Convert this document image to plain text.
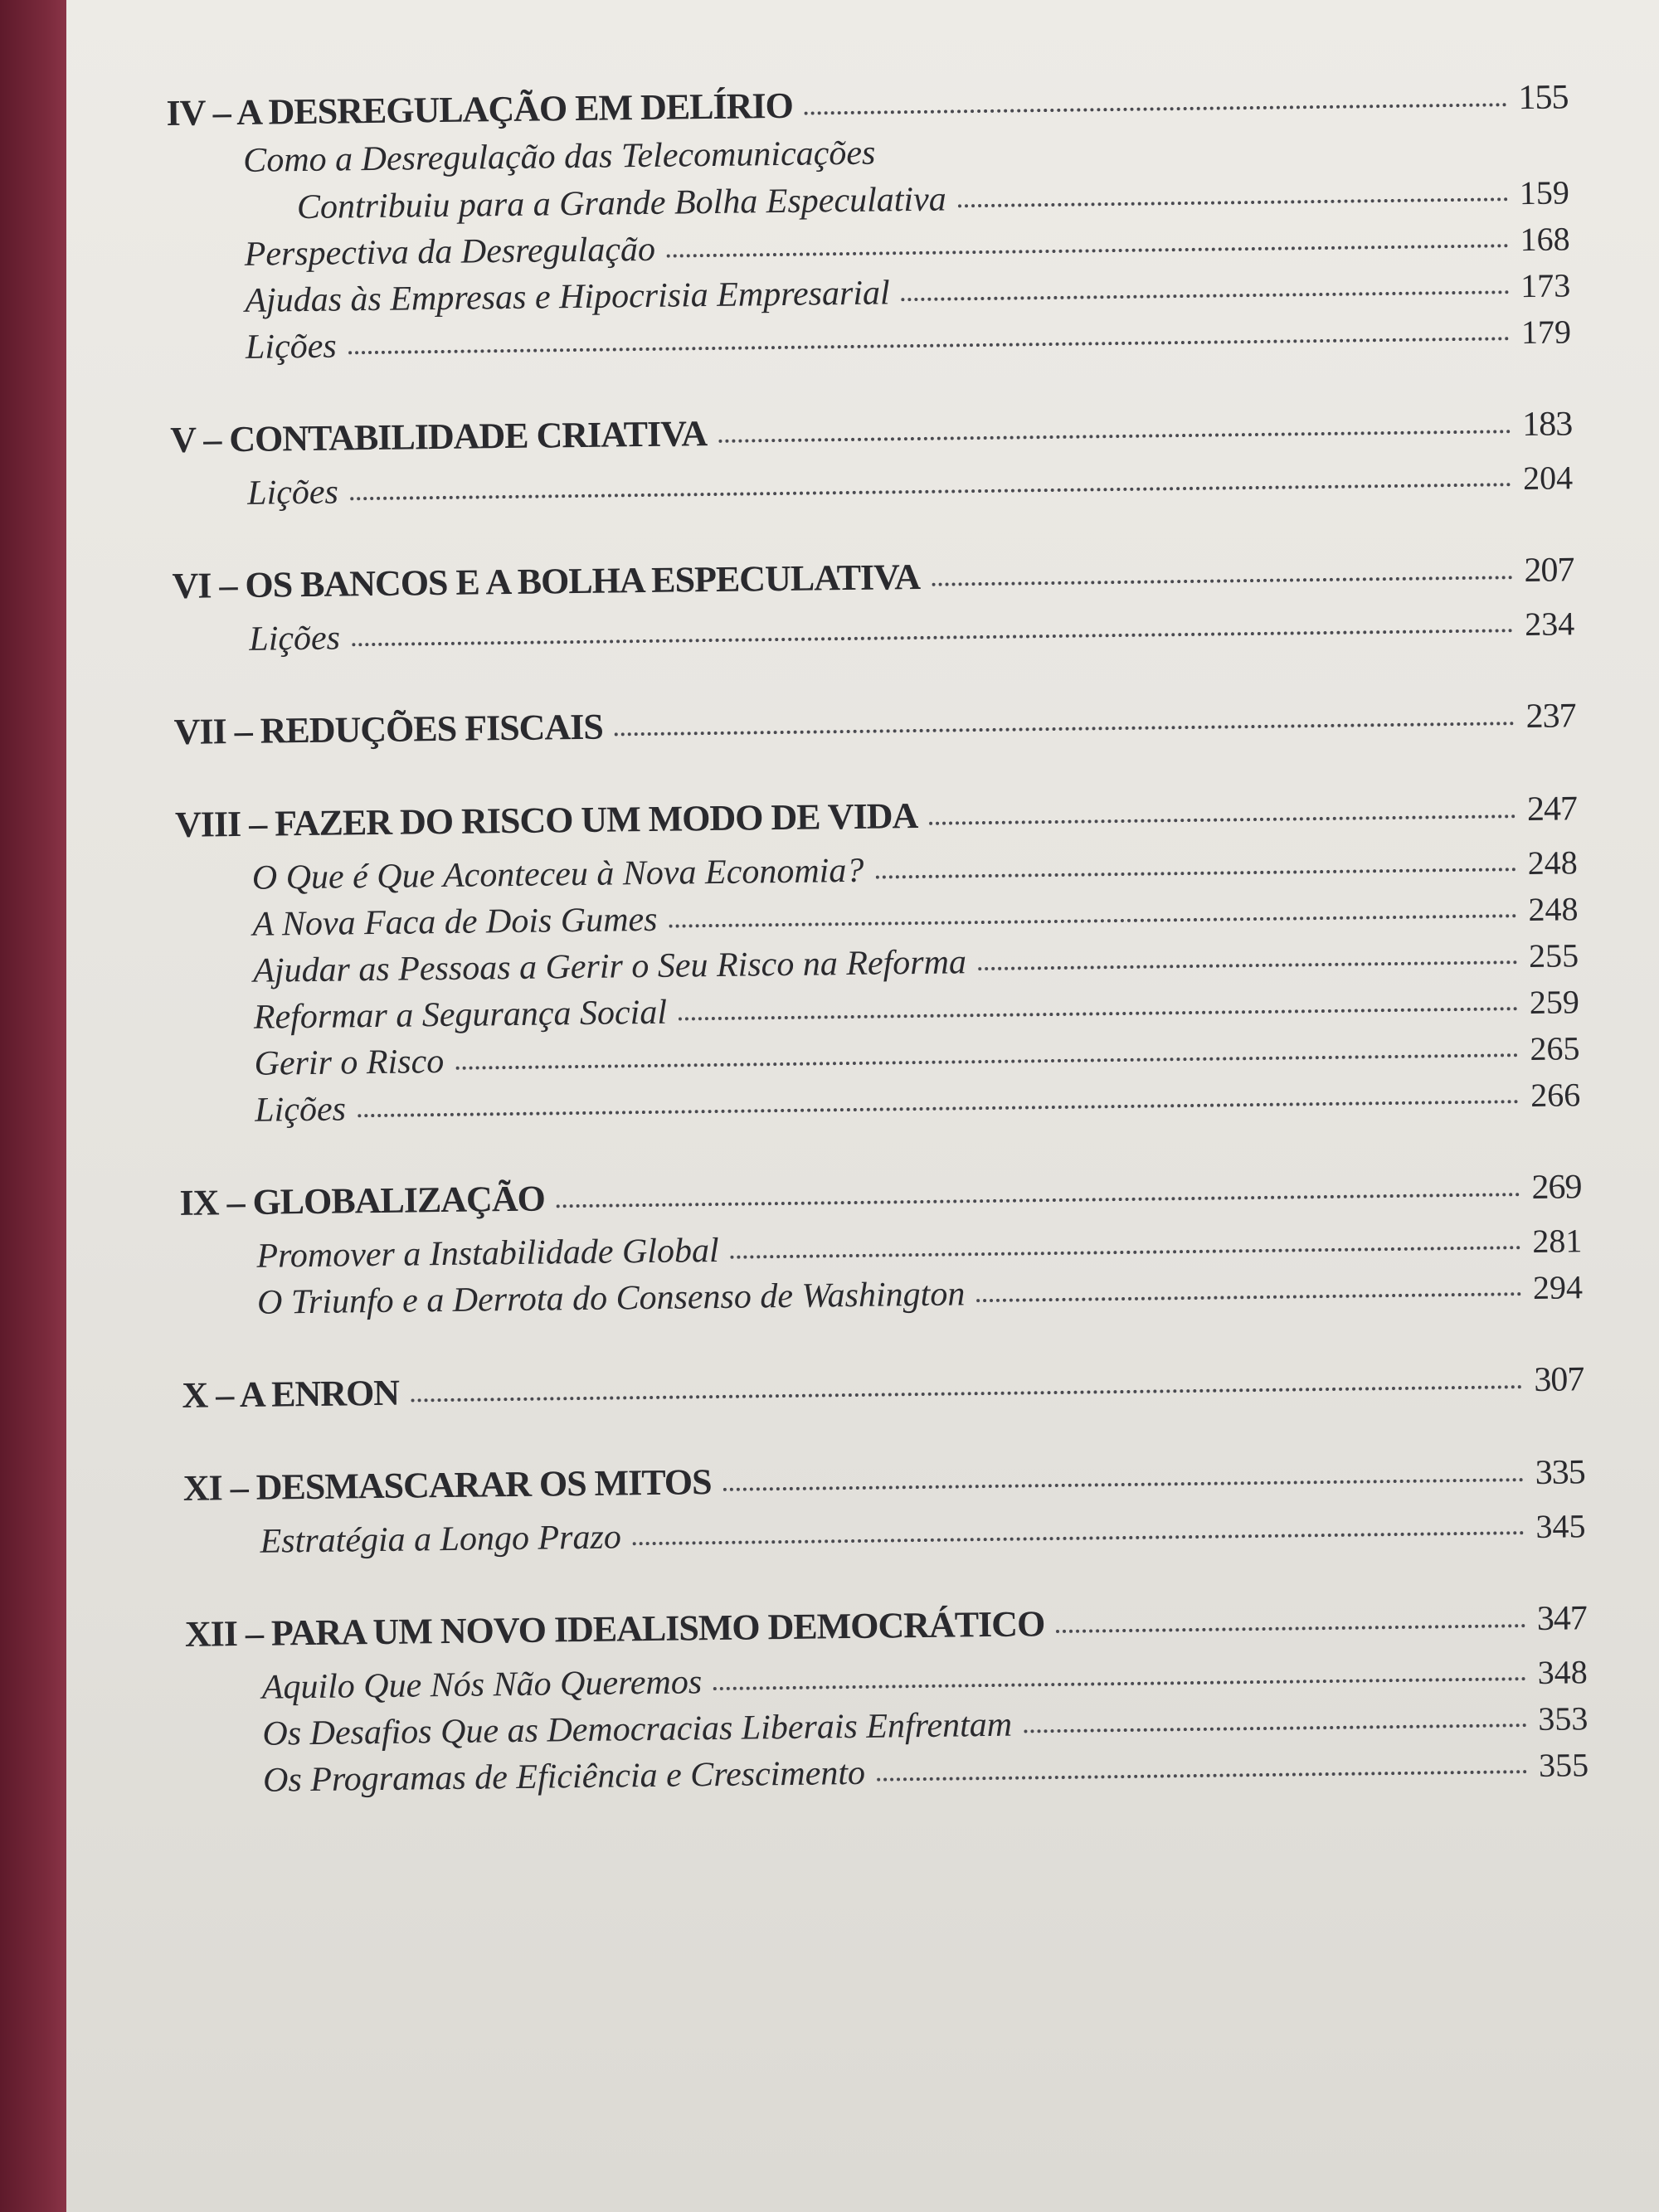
IV – A DESREGULAÇÃO EM DELÍRIO	155
Como a Desregulação das Telecomunicações
Contribuiu para a Grande Bolha Especulativa	159
Perspectiva da Desregulação	168
Ajudas às Empresas e Hipocrisia Empresarial	173
Lições	179
V – CONTABILIDADE CRIATIVA	183
Lições	204
VI – OS BANCOS E A BOLHA ESPECULATIVA	207
Lições	234
VII – REDUÇÕES FISCAIS	237
VIII – FAZER DO RISCO UM MODO DE VIDA	247
O Que é Que Aconteceu à Nova Economia?	248
A Nova Faca de Dois Gumes	248
Ajudar as Pessoas a Gerir o Seu Risco na Reforma	255
Reformar a Segurança Social	259
Gerir o Risco	265
Lições	266
IX – GLOBALIZAÇÃO	269
Promover a Instabilidade Global	281
O Triunfo e a Derrota do Consenso de Washington	294
X – A ENRON	307
XI – DESMASCARAR OS MITOS	335
Estratégia a Longo Prazo	345
XII – PARA UM NOVO IDEALISMO DEMOCRÁTICO	347
Aquilo Que Nós Não Queremos	348
Os Desafios Que as Democracias Liberais Enfrentam	353
Os Programas de Eficiência e Crescimento	355
